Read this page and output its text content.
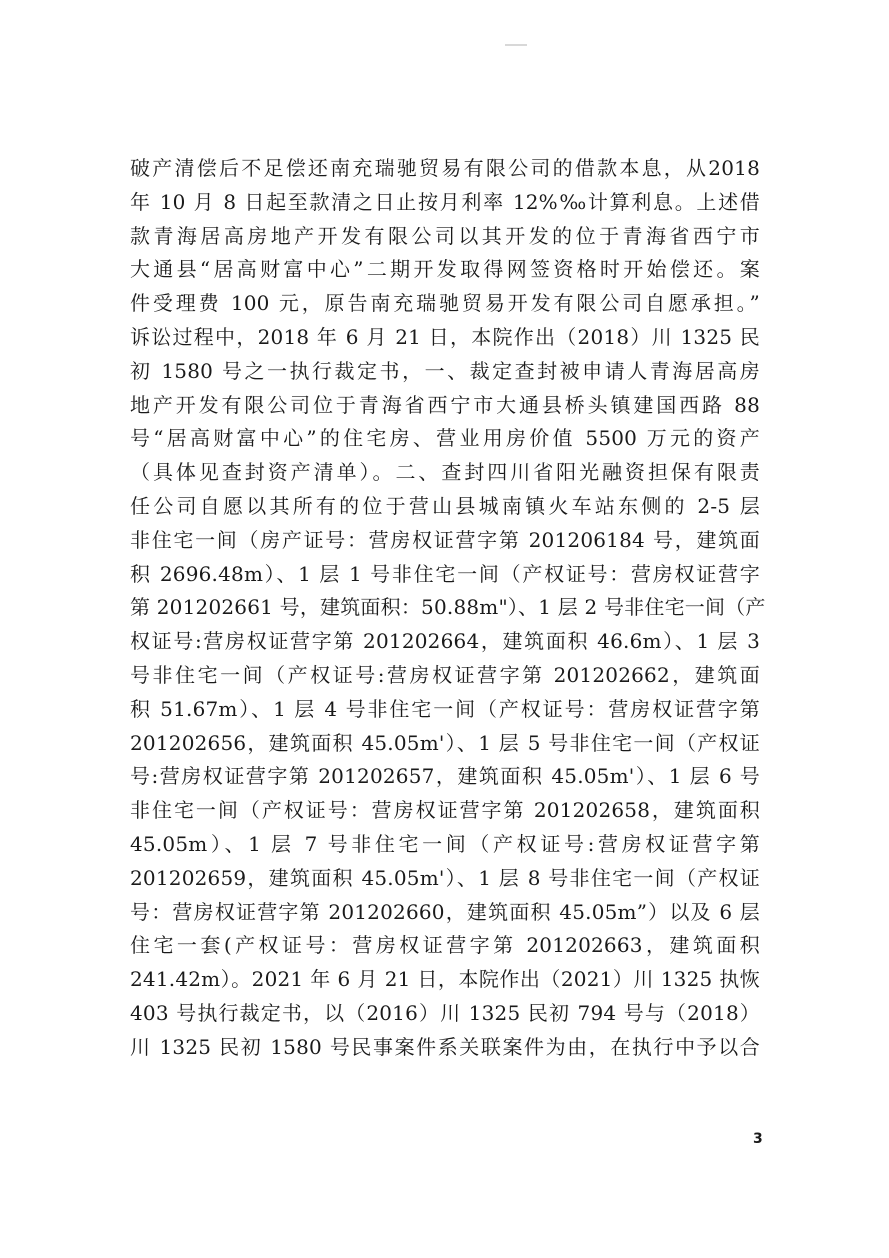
破产清偿后不足偿还南充瑞驰贸易有限公司的借款本息，从2018
年 10 月 8 日起至款清之日止按月利率 12%‰计算利息。上述借
款青海居高房地产开发有限公司以其开发的位于青海省西宁市
大通县“居高财富中心”二期开发取得网签资格时开始偿还。案
件受理费 100 元，原告南充瑞驰贸易开发有限公司自愿承担。”
诉讼过程中，2018 年 6 月 21 日，本院作出（2018）川 1325 民
初 1580 号之一执行裁定书，一、裁定查封被申请人青海居高房
地产开发有限公司位于青海省西宁市大通县桥头镇建国西路 88
号“居高财富中心”的住宅房、营业用房价值 5500 万元的资产
（具体见查封资产清单）。二、查封四川省阳光融资担保有限责
任公司自愿以其所有的位于营山县城南镇火车站东侧的 2-5 层
非住宅一间（房产证号：营房权证营字第 201206184 号，建筑面
积 2696.48m）、1 层 1 号非住宅一间（产权证号：营房权证营字
第 201202661 号，建筑面积：50.88m"）、1 层 2 号非住宅一间（产
权证号:营房权证营字第 201202664，建筑面积 46.6m）、1 层 3
号非住宅一间（产权证号:营房权证营字第 201202662，建筑面
积 51.67m）、1 层 4 号非住宅一间（产权证号：营房权证营字第
201202656，建筑面积 45.05m'）、1 层 5 号非住宅一间（产权证
号:营房权证营字第 201202657，建筑面积 45.05m'）、1 层 6 号
非住宅一间（产权证号：营房权证营字第 201202658，建筑面积
45.05m）、1 层 7 号非住宅一间（产权证号:营房权证营字第
201202659，建筑面积 45.05m'）、1 层 8 号非住宅一间（产权证
号：营房权证营字第 201202660，建筑面积 45.05m”）以及 6 层
住宅一套(产权证号：营房权证营字第 201202663，建筑面积
241.42m）。2021 年 6 月 21 日，本院作出（2021）川 1325 执恢
403 号执行裁定书，以（2016）川 1325 民初 794 号与（2018）
川 1325 民初 1580 号民事案件系关联案件为由，在执行中予以合
3
